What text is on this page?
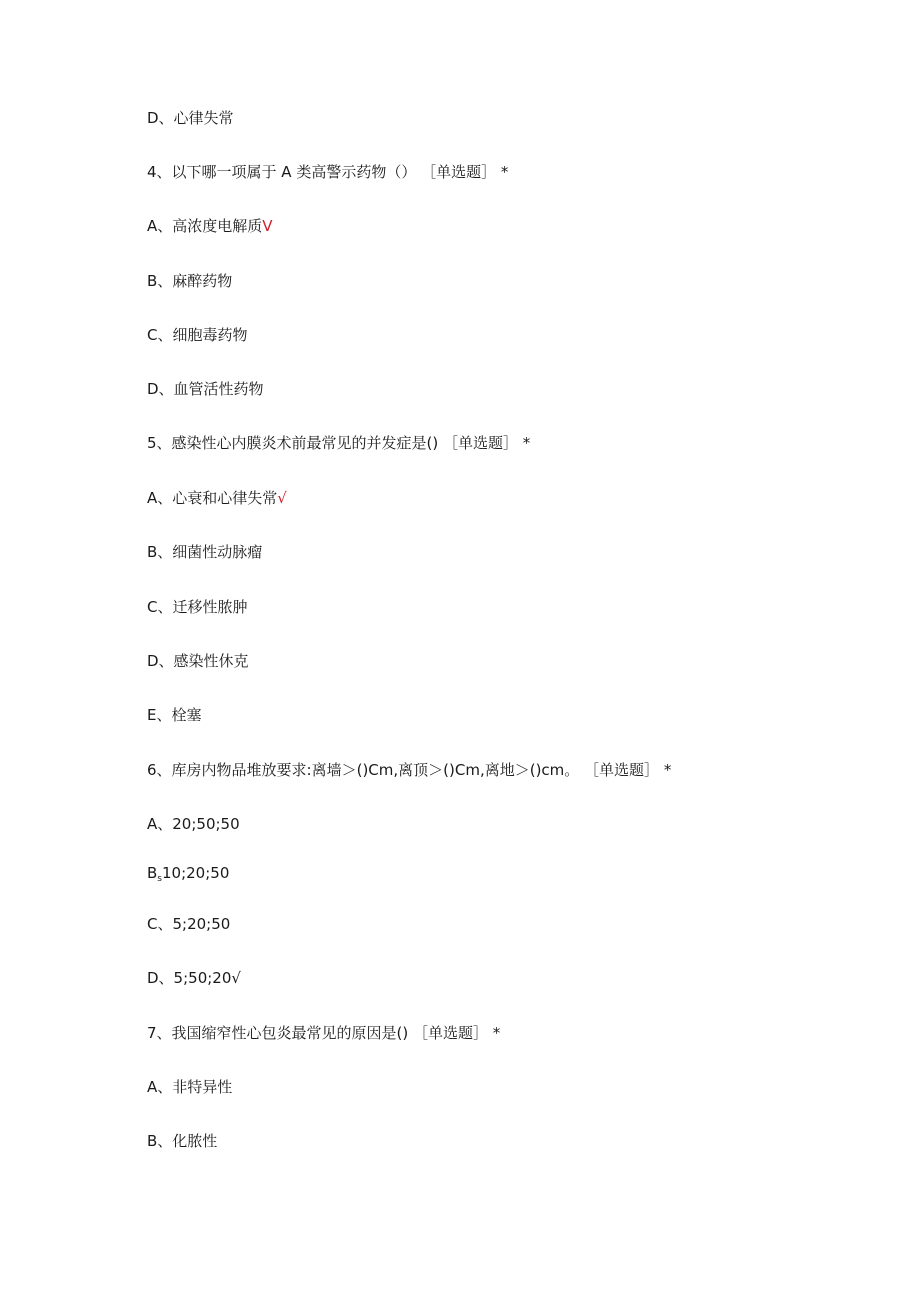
D、心律失常
4、以下哪一项属于 A 类高警示药物（） ［单选题］ *
A、高浓度电解质V
B、麻醉药物
C、细胞毒药物
D、血管活性药物
5、感染性心内膜炎术前最常见的并发症是() ［单选题］ *
A、心衰和心律失常√
B、细菌性动脉瘤
C、迁移性脓肿
D、感染性休克
E、栓塞
6、库房内物品堆放要求:离墙＞()Cm,离顶＞()Cm,离地＞()cm。 ［单选题］ *
A、20;50;50
$B_s10;20;50$
C、5;20;50
D、5;50;20√
7、我国缩窄性心包炎最常见的原因是() ［单选题］ *
A、非特异性
B、化脓性
